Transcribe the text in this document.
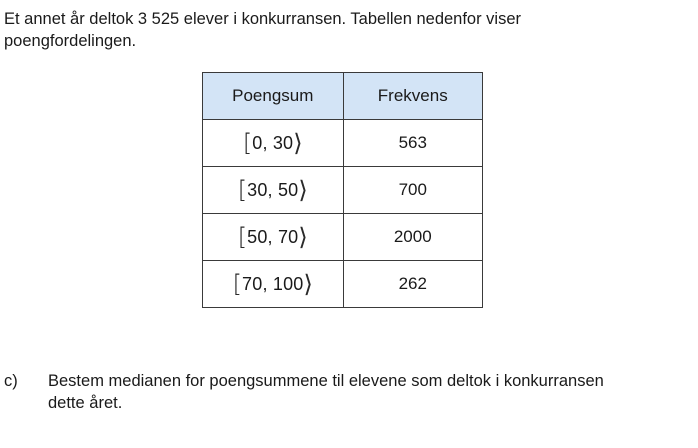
Et annet år deltok 3 525 elever i konkurransen. Tabellen nedenfor viser

poengfordelingen.

Poengsum	Frekvens
[0, 30⟩	563
[30, 50⟩	700
[50, 70⟩	2000
[70, 100⟩	262
c)	Bestem medianen for poengsummene til elevene som deltok i konkurransen
dette året.
